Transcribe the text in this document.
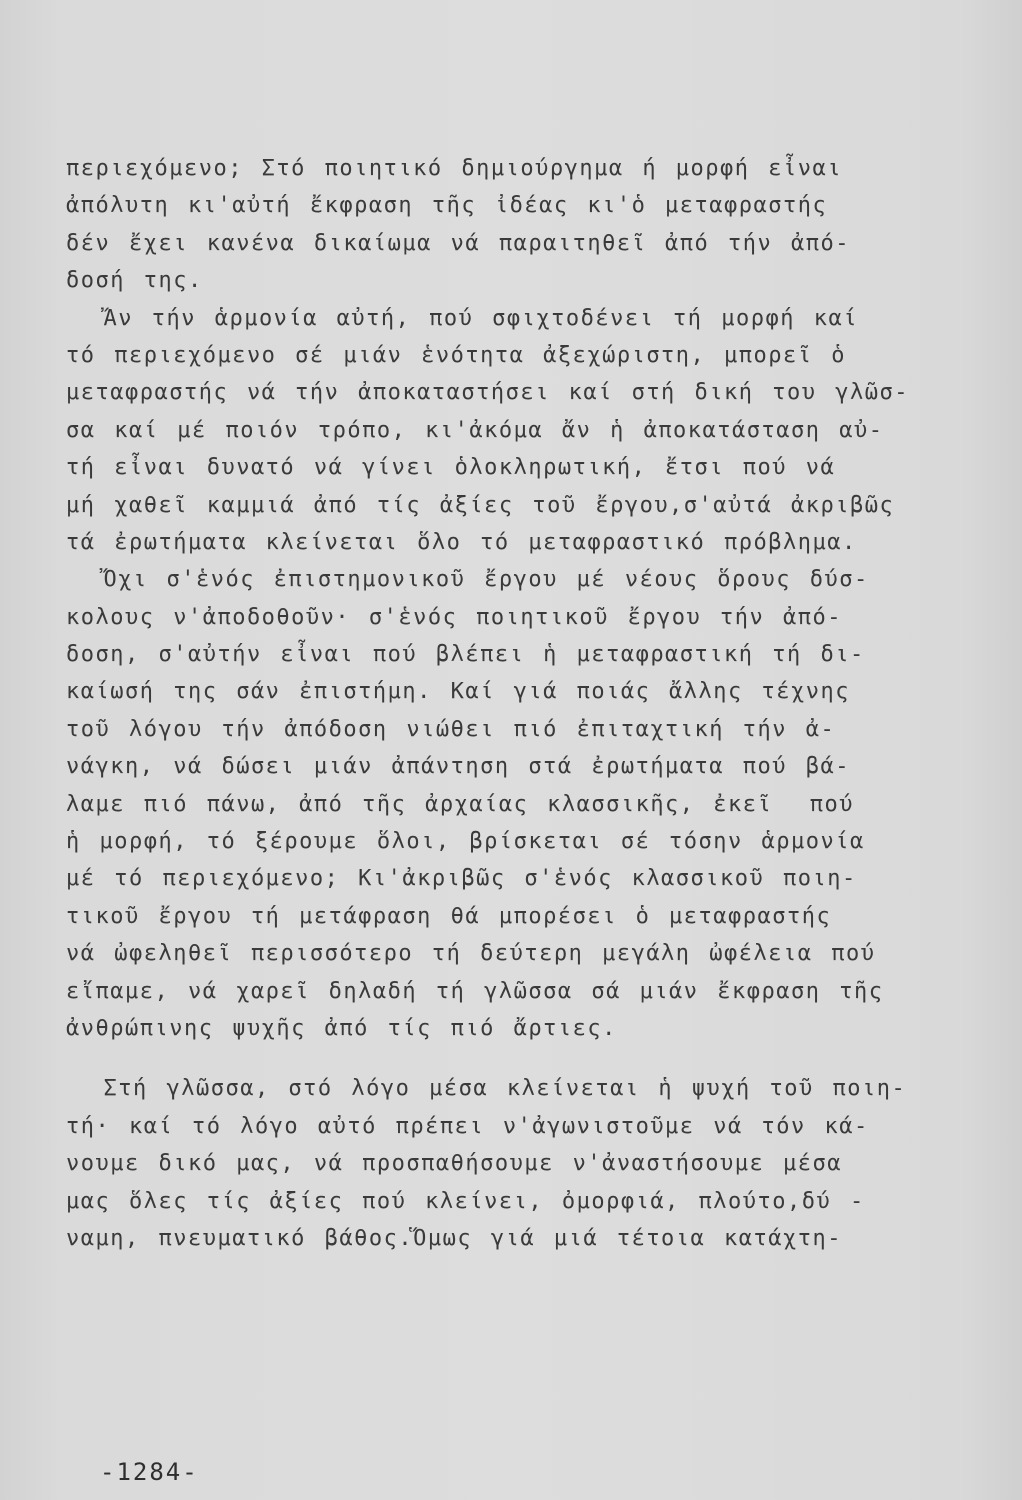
περιεχόμενο; Στό ποιητικό δημιούργημα ή μορφή εἶναι
ἀπόλυτη κι'αὐτή ἔκφραση τῆς ἰδέας κι'ὁ μεταφραστής
δέν ἔχει κανένα δικαίωμα νά παραιτηθεῖ ἀπό τήν ἀπό-
δοσή της.
Ἄν τήν ἁρμονία αὐτή, πού σφιχτοδένει τή μορφή καί
τό περιεχόμενο σέ μιάν ἑνότητα ἀξεχώριστη, μπορεῖ ὁ
μεταφραστής νά τήν ἀποκαταστήσει καί στή δική του γλῶσ-
σα καί μέ ποιόν τρόπο, κι'ἀκόμα ἄν ἡ ἀποκατάσταση αὐ-
τή εἶναι δυνατό νά γίνει ὁλοκληρωτική, ἔτσι πού νά
μή χαθεῖ καμμιά ἀπό τίς ἀξίες τοῦ ἔργου,σ'αὐτά ἀκριβῶς
τά ἐρωτήματα κλείνεται ὅλο τό μεταφραστικό πρόβλημα.
Ὄχι σ'ἑνός ἐπιστημονικοῦ ἔργου μέ νέους ὅρους δύσ-
κολους ν'ἀποδοθοῦν· σ'ἑνός ποιητικοῦ ἔργου τήν ἀπό-
δοση, σ'αὐτήν εἶναι πού βλέπει ἡ μεταφραστική τή δι-
καίωσή της σάν ἐπιστήμη. Καί γιά ποιάς ἄλλης τέχνης
τοῦ λόγου τήν ἀπόδοση νιώθει πιό ἐπιταχτική τήν ἀ-
νάγκη, νά δώσει μιάν ἀπάντηση στά ἐρωτήματα πού βά-
λαμε πιό πάνω, ἀπό τῆς ἀρχαίας κλασσικῆς, ἐκεῖ  πού
ἡ μορφή, τό ξέρουμε ὅλοι, βρίσκεται σέ τόσην ἁρμονία
μέ τό περιεχόμενο; Κι'ἀκριβῶς σ'ἑνός κλασσικοῦ ποιη-
τικοῦ ἔργου τή μετάφραση θά μπορέσει ὁ μεταφραστής
νά ὠφεληθεῖ περισσότερο τή δεύτερη μεγάλη ὠφέλεια πού
εἴπαμε, νά χαρεῖ δηλαδή τή γλῶσσα σά μιάν ἔκφραση τῆς
ἀνθρώπινης ψυχῆς ἀπό τίς πιό ἄρτιες.
Στή γλῶσσα, στό λόγο μέσα κλείνεται ἡ ψυχή τοῦ ποιη-
τή· καί τό λόγο αὐτό πρέπει ν'ἀγωνιστοῦμε νά τόν κά-
νουμε δικό μας, νά προσπαθήσουμε ν'ἀναστήσουμε μέσα
μας ὅλες τίς ἀξίες πού κλείνει, ὀμορφιά, πλούτο,δύ -
ναμη, πνευματικό βάθος.Ὅμως γιά μιά τέτοια κατάχτη-
-1284-
